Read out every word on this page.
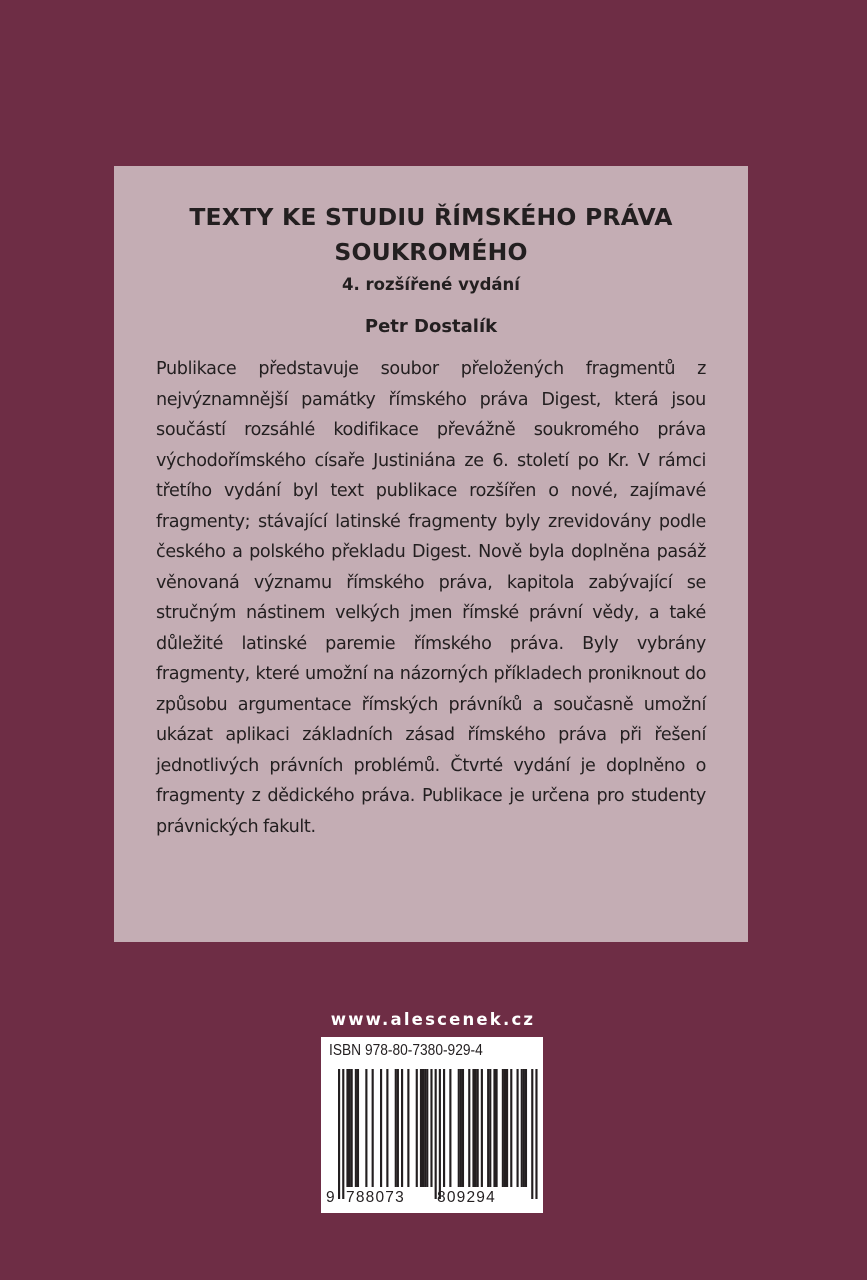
TEXTY KE STUDIU ŘÍMSKÉHO PRÁVA
SOUKROMÉHO

4. rozšířené vydání

Petr Dostalík

Publikace představuje soubor přeložených fragmentů z nejvýznamnější památky římského práva Digest, která jsou součástí rozsáhlé kodifikace převážně soukromého práva východořímského císaře Justiniána ze 6. století po Kr. V rámci třetího vydání byl text publikace rozšířen o nové, zajímavé fragmenty; stávající latinské fragmenty byly zrevidovány podle českého a polského překladu Digest. Nově byla doplněna pasáž věnovaná významu římského práva, kapitola zabývající se stručným nástinem velkých jmen římské právní vědy, a také důležité latinské paremie římského práva. Byly vybrány fragmenty, které umožní na názorných příkladech proniknout do způsobu argumentace římských právníků a současně umožní ukázat aplikaci základních zásad římského práva při řešení jednotlivých právních problémů. Čtvrté vydání je doplněno o fragmenty z dědického práva. Publikace je určena pro studenty právnických fakult.

www.alescenek.cz
ISBN 978-80-7380-929-4
9 788073 809294
